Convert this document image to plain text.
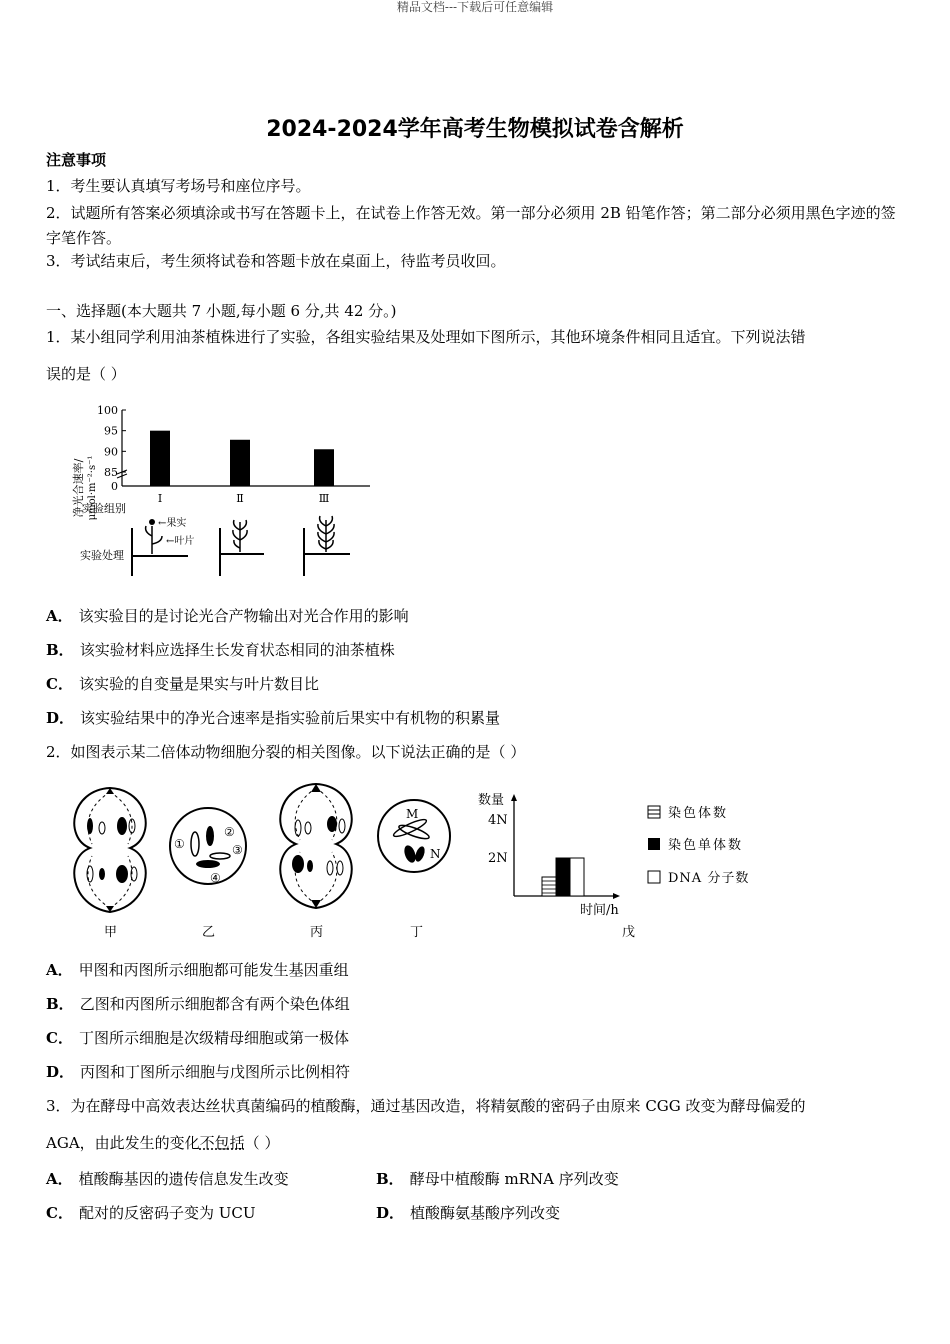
精品文档---下载后可任意编辑
2024-2024学年高考生物模拟试卷含解析
注意事项
1．考生要认真填写考场号和座位序号。
2．试题所有答案必须填涂或书写在答题卡上，在试卷上作答无效。第一部分必须用 2B 铅笔作答；第二部分必须用黑色字迹的签字笔作答。
3．考试结束后，考生须将试卷和答题卡放在桌面上，待监考员收回。
一、选择题(本大题共 7 小题,每小题 6 分,共 42 分。)
1．某小组同学利用油茶植株进行了实验，各组实验结果及处理如下图所示，其他环境条件相同且适宜。下列说法错
误的是（ ）
净光合速率/ μmol·m⁻²·s⁻¹ 0
85
90
95
100
Ⅰ	Ⅱ	Ⅲ
实验组别
实验处理
←果实
←叶片
A． 该实验目的是讨论光合产物输出对光合作用的影响
B． 该实验材料应选择生长发育状态相同的油茶植株
C． 该实验的自变量是果实与叶片数目比
D． 该实验结果中的净光合速率是指实验前后果实中有机物的积累量
2．如图表示某二倍体动物细胞分裂的相关图像。以下说法正确的是（ ）
①
②
③
④
M
N
数量
4N
2N
时间/h
染色体数
染色单体数
DNA 分子数
甲	乙	丙	丁	戊
A． 甲图和丙图所示细胞都可能发生基因重组
B． 乙图和丙图所示细胞都含有两个染色体组
C． 丁图所示细胞是次级精母细胞或第一极体
D． 丙图和丁图所示细胞与戊图所示比例相符
3．为在酵母中高效表达丝状真菌编码的植酸酶，通过基因改造，将精氨酸的密码子由原来 CGG 改变为酵母偏爱的
AGA，由此发生的变化不包括（ ）
A． 植酸酶基因的遗传信息发生改变	B． 酵母中植酸酶 mRNA 序列改变
C． 配对的反密码子变为 UCU	D． 植酸酶氨基酸序列改变
